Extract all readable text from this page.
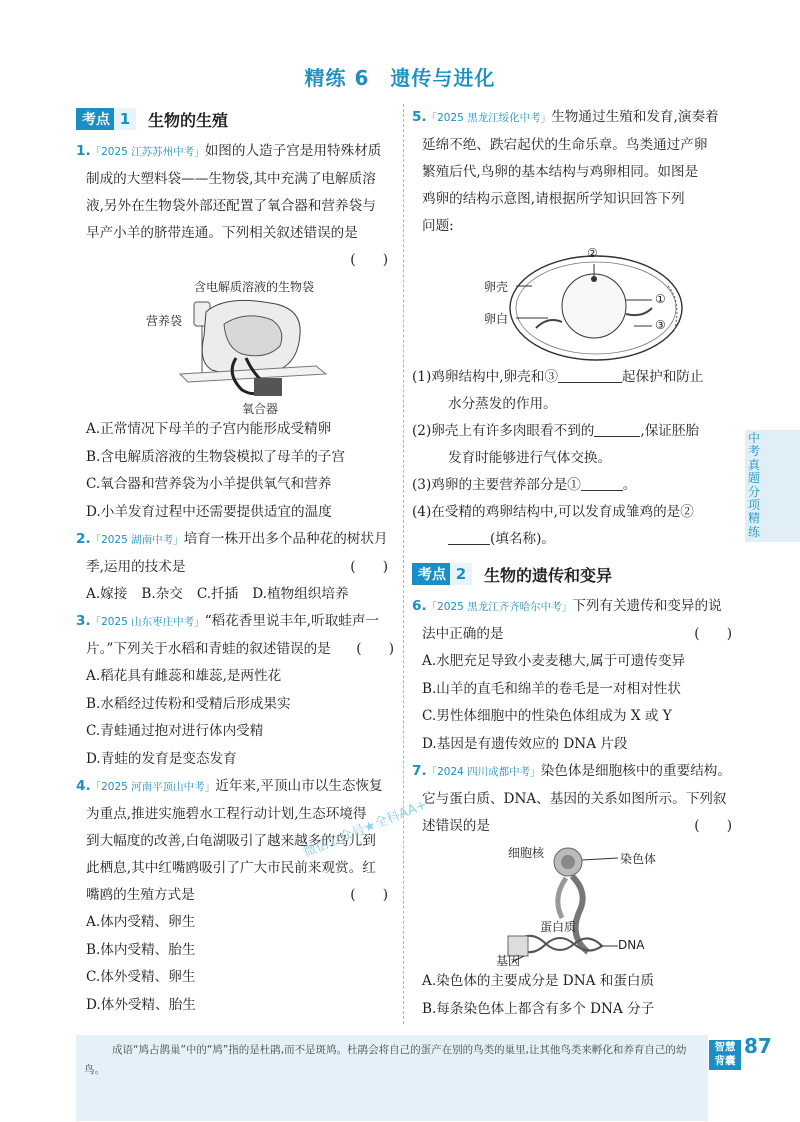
精练 6　遗传与进化
考点 1	生物的生殖
1.「2025 江苏苏州中考」如图的人造子宫是用特殊材质
制成的大塑料袋——生物袋,其中充满了电解质溶
液,另外在生物袋外部还配置了氧合器和营养袋与
早产小羊的脐带连通。下列相关叙述错误的是
(　　)
含电解质溶液的生物袋
营养袋
氧合器
A.正常情况下母羊的子宫内能形成受精卵
B.含电解质溶液的生物袋模拟了母羊的子宫
C.氧合器和营养袋为小羊提供氧气和营养
D.小羊发育过程中还需要提供适宜的温度
2.「2025 湖南中考」培育一株开出多个品种花的树状月
季,运用的技术是	(　　)
A.嫁接 B.杂交 C.扦插 D.植物组织培养
3.「2025 山东枣庄中考」“稻花香里说丰年,听取蛙声一
片。”下列关于水稻和青蛙的叙述错误的是 (　　)
A.稻花具有雌蕊和雄蕊,是两性花
B.水稻经过传粉和受精后形成果实
C.青蛙通过抱对进行体内受精
D.青蛙的发育是变态发育
4.「2025 河南平顶山中考」近年来,平顶山市以生态恢复
为重点,推进实施碧水工程行动计划,生态环境得
到大幅度的改善,白龟湖吸引了越来越多的鸟儿到
此栖息,其中红嘴鸥吸引了广大市民前来观赏。红
嘴鸥的生殖方式是	(　　)
A.体内受精、卵生
B.体内受精、胎生
C.体外受精、卵生
D.体外受精、胎生
5.「2025 黑龙江绥化中考」生物通过生殖和发育,演奏着
延绵不绝、跌宕起伏的生命乐章。鸟类通过产卵
繁殖后代,鸟卵的基本结构与鸡卵相同。如图是
鸡卵的结构示意图,请根据所学知识回答下列
问题:
②
卵壳
卵白
①
③
(1)鸡卵结构中,卵壳和③	起保护和防止
水分蒸发的作用。
(2)卵壳上有许多肉眼看不到的	,保证胚胎
发育时能够进行气体交换。
(3)鸡卵的主要营养部分是①	。
(4)在受精的鸡卵结构中,可以发育成雏鸡的是②
(填名称)。
考点 2	生物的遗传和变异
6.「2025 黑龙江齐齐哈尔中考」下列有关遗传和变异的说
法中正确的是	(　　)
A.水肥充足导致小麦麦穗大,属于可遗传变异
B.山羊的直毛和绵羊的卷毛是一对相对性状
C.男性体细胞中的性染色体组成为 X 或 Y
D.基因是有遗传效应的 DNA 片段
7.「2024 四川成都中考」染色体是细胞核中的重要结构。
它与蛋白质、DNA、基因的关系如图所示。下列叙
述错误的是	(　　)
细胞核	染色体
蛋白质
DNA
基因
A.染色体的主要成分是 DNA 和蛋白质
B.每条染色体上都含有多个 DNA 分子
微信公众号★全科AA+
中考真题分项精练
成语“鸠占鹊巢”中的“鸠”指的是杜鹃,而不是斑鸠。杜鹃会将自己的蛋产在别的鸟类的巢里,让其他鸟类来孵化和养育自己的幼鸟。
智慧
背囊
87
